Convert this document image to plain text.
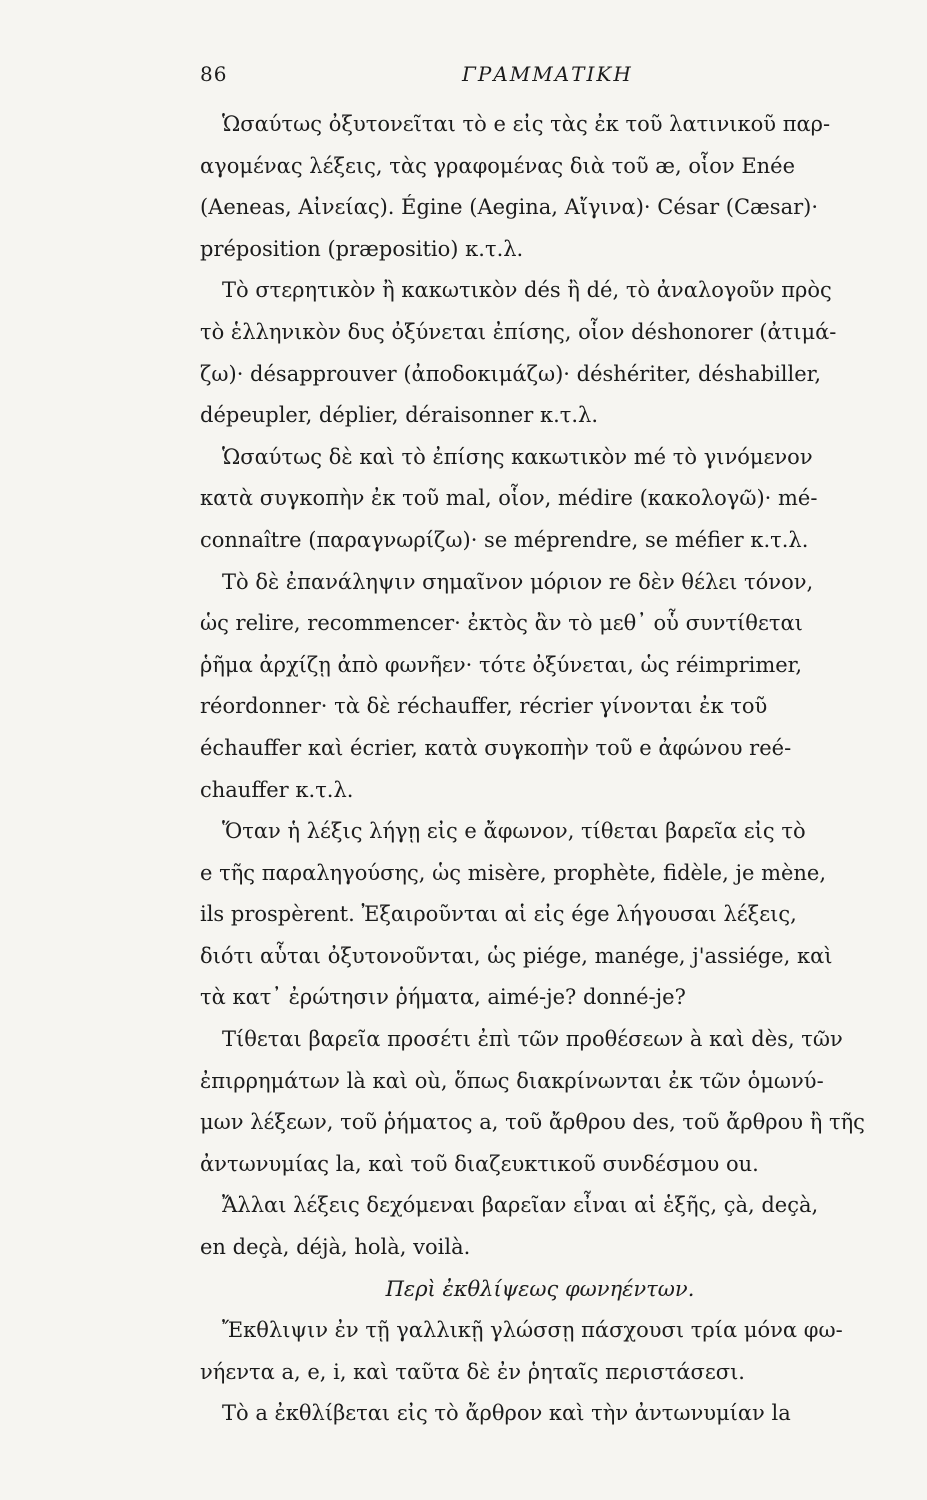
86	ΓΡΑΜΜΑΤΙΚΗ
Ὡσαύτως ὀξυτονεῖται τὸ e εἰς τὰς ἐκ τοῦ λατινικοῦ παρ-
αγομένας λέξεις, τὰς γραφομένας διὰ τοῦ æ, οἷον Enée
(Aeneas, Αἰνείας). Égine (Aegina, Αἴγινα)· César (Cæsar)·
préposition (præpositio) κ.τ.λ.
Τὸ στερητικὸν ἢ κακωτικὸν dés ἢ dé, τὸ ἀναλογοῦν πρὸς
τὸ ἑλληνικὸν δυς ὀξύνεται ἐπίσης, οἷον déshonorer (ἀτιμά-
ζω)· désapprouver (ἀποδοκιμάζω)· déshériter, déshabiller,
dépeupler, déplier, déraisonner κ.τ.λ.
Ὡσαύτως δὲ καὶ τὸ ἐπίσης κακωτικὸν mé τὸ γινόμενον
κατὰ συγκοπὴν ἐκ τοῦ mal, οἷον, médire (κακολογῶ)· mé-
connaître (παραγνωρίζω)· se méprendre, se méfier κ.τ.λ.
Τὸ δὲ ἐπανάληψιν σημαῖνον μόριον re δὲν θέλει τόνον,
ὡς relire, recommencer· ἐκτὸς ἂν τὸ μεθ᾽ οὗ συντίθεται
ῥῆμα ἀρχίζῃ ἀπὸ φωνῆεν· τότε ὀξύνεται, ὡς réimprimer,
réordonner· τὰ δὲ réchauffer, récrier γίνονται ἐκ τοῦ
échauffer καὶ écrier, κατὰ συγκοπὴν τοῦ e ἀφώνου reé-
chauffer κ.τ.λ.
Ὅταν ἡ λέξις λήγῃ εἰς e ἄφωνον, τίθεται βαρεῖα εἰς τὸ
e τῆς παραληγούσης, ὡς misère, prophète, fidèle, je mène,
ils prospèrent. Ἐξαιροῦνται αἱ εἰς ége λήγουσαι λέξεις,
διότι αὗται ὀξυτονοῦνται, ὡς piége, manége, j'assiége, καὶ
τὰ κατ᾽ ἐρώτησιν ῥήματα, aimé-je? donné-je?
Τίθεται βαρεῖα προσέτι ἐπὶ τῶν προθέσεων à καὶ dès, τῶν
ἐπιρρημάτων là καὶ où, ὅπως διακρίνωνται ἐκ τῶν ὁμωνύ-
μων λέξεων, τοῦ ῥήματος a, τοῦ ἄρθρου des, τοῦ ἄρθρου ἢ τῆς
ἀντωνυμίας la, καὶ τοῦ διαζευκτικοῦ συνδέσμου ou.
Ἄλλαι λέξεις δεχόμεναι βαρεῖαν εἶναι αἱ ἑξῆς, çà, deçà,
en deçà, déjà, holà, voilà.
Περὶ ἐκθλίψεως φωνηέντων.
Ἔκθλιψιν ἐν τῇ γαλλικῇ γλώσσῃ πάσχουσι τρία μόνα φω-
νήεντα a, e, i, καὶ ταῦτα δὲ ἐν ῥηταῖς περιστάσεσι.
Τὸ a ἐκθλίβεται εἰς τὸ ἄρθρον καὶ τὴν ἀντωνυμίαν la
